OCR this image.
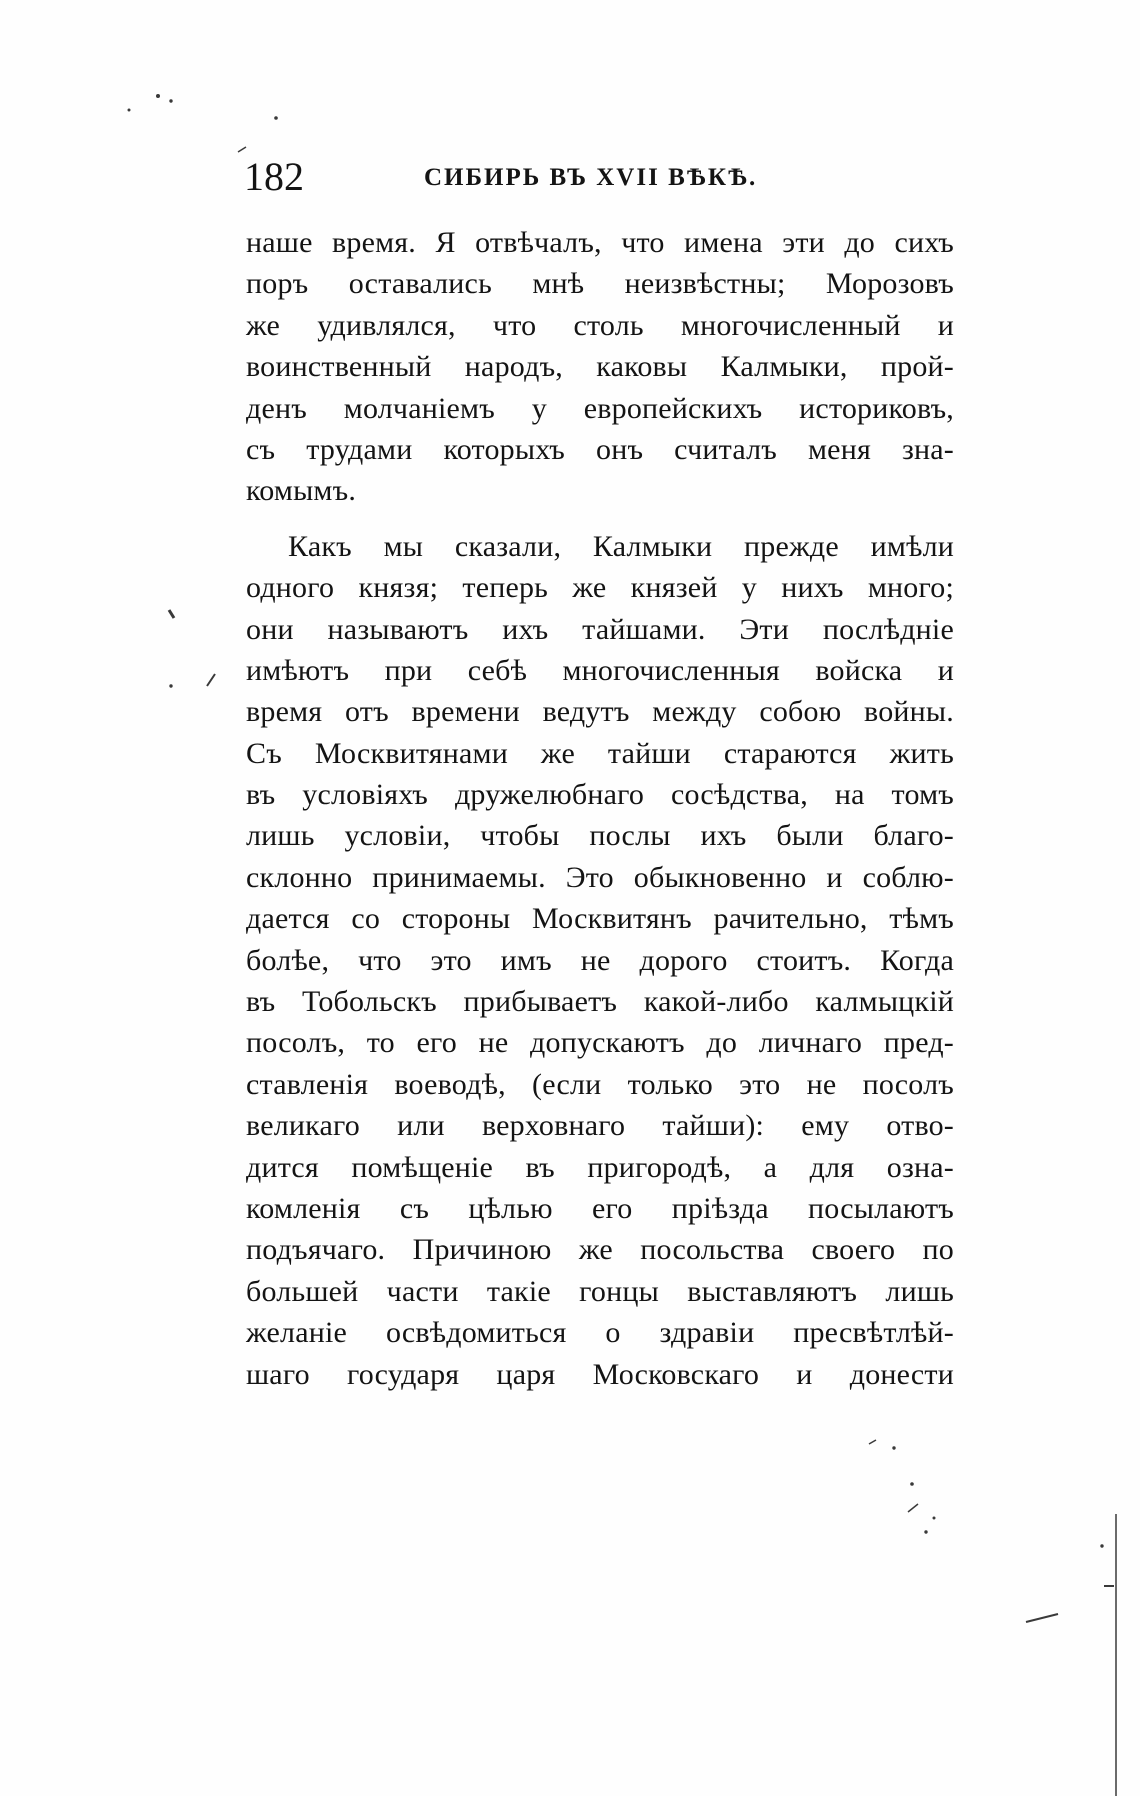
182	СИБИРЬ ВЪ XVII ВѢКѢ.
наше время. Я отвѣчалъ, что имена эти до сихъ
поръ оставались мнѣ неизвѣстны; Морозовъ
же удивлялся, что столь многочисленный и
воинственный народъ, каковы Калмыки, прой-
денъ молчаніемъ у европейскихъ историковъ,
съ трудами которыхъ онъ считалъ меня зна-
комымъ.
Какъ мы сказали, Калмыки прежде имѣли
одного князя; теперь же князей у нихъ много;
они называютъ ихъ тайшами. Эти послѣдніе
имѣютъ при себѣ многочисленныя войска и
время отъ времени ведутъ между собою войны.
Съ Москвитянами же тайши стараются жить
въ условіяхъ дружелюбнаго сосѣдства, на томъ
лишь условіи, чтобы послы ихъ были благо-
склонно принимаемы. Это обыкновенно и соблю-
дается со стороны Москвитянъ рачительно, тѣмъ
болѣе, что это имъ не дорого стоитъ. Когда
въ Тобольскъ прибываетъ какой-либо калмыцкій
посолъ, то его не допускаютъ до личнаго пред-
ставленія воеводѣ, (если только это не посолъ
великаго или верховнаго тайши): ему отво-
дится помѣщеніе въ пригородѣ, а для озна-
комленія съ цѣлью его пріѣзда посылаютъ
подъячаго. Причиною же посольства своего по
большей части такіе гонцы выставляютъ лишь
желаніе освѣдомиться о здравіи пресвѣтлѣй-
шаго государя царя Московскаго и донести
